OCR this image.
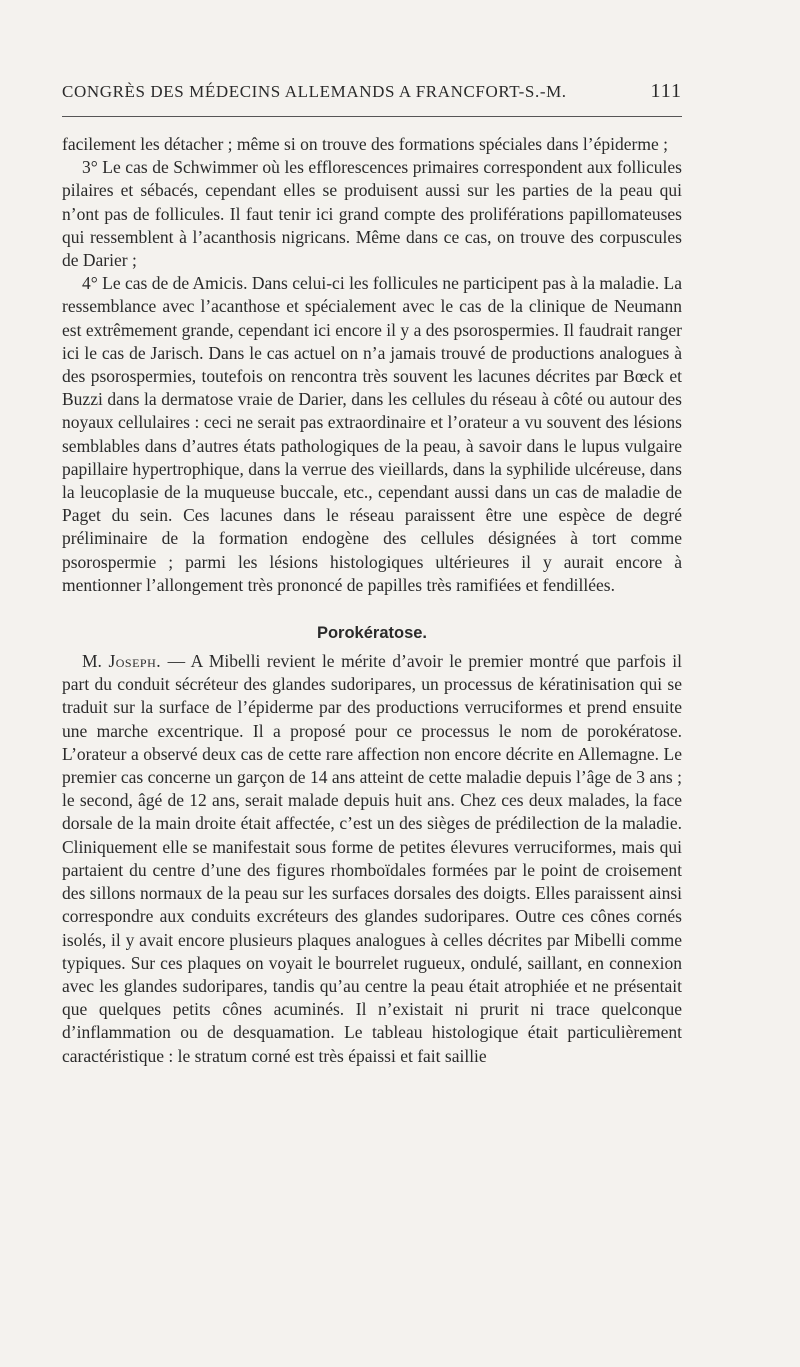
CONGRÈS DES MÉDECINS ALLEMANDS A FRANCFORT-S.-M.	111

facilement les détacher ; même si on trouve des formations spéciales dans l’épiderme ;

3° Le cas de Schwimmer où les efflorescences primaires correspondent aux follicules pilaires et sébacés, cependant elles se produisent aussi sur les parties de la peau qui n’ont pas de follicules. Il faut tenir ici grand compte des proliférations papillomateuses qui ressemblent à l’acanthosis nigricans. Même dans ce cas, on trouve des corpuscules de Darier ;

4° Le cas de de Amicis. Dans celui-ci les follicules ne participent pas à la maladie. La ressemblance avec l’acanthose et spécialement avec le cas de la clinique de Neumann est extrêmement grande, cependant ici encore il y a des psorospermies. Il faudrait ranger ici le cas de Jarisch. Dans le cas actuel on n’a jamais trouvé de productions analogues à des psorospermies, toutefois on rencontra très souvent les lacunes décrites par Bœck et Buzzi dans la dermatose vraie de Darier, dans les cellules du réseau à côté ou autour des noyaux cellulaires : ceci ne serait pas extraordinaire et l’orateur a vu souvent des lésions semblables dans d’autres états pathologiques de la peau, à savoir dans le lupus vulgaire papillaire hypertrophique, dans la verrue des vieillards, dans la syphilide ulcéreuse, dans la leucoplasie de la muqueuse buccale, etc., cependant aussi dans un cas de maladie de Paget du sein. Ces lacunes dans le réseau paraissent être une espèce de degré préliminaire de la formation endogène des cellules désignées à tort comme psorospermie ; parmi les lésions histologiques ultérieures il y aurait encore à mentionner l’allongement très prononcé de papilles très ramifiées et fendillées.

Porokératose.

M. Joseph. — A Mibelli revient le mérite d’avoir le premier montré que parfois il part du conduit sécréteur des glandes sudoripares, un processus de kératinisation qui se traduit sur la surface de l’épiderme par des productions verruciformes et prend ensuite une marche excentrique. Il a proposé pour ce processus le nom de porokératose. L’orateur a observé deux cas de cette rare affection non encore décrite en Allemagne. Le premier cas concerne un garçon de 14 ans atteint de cette maladie depuis l’âge de 3 ans ; le second, âgé de 12 ans, serait malade depuis huit ans. Chez ces deux malades, la face dorsale de la main droite était affectée, c’est un des sièges de prédilection de la maladie. Cliniquement elle se manifestait sous forme de petites élevures verruciformes, mais qui partaient du centre d’une des figures rhomboïdales formées par le point de croisement des sillons normaux de la peau sur les surfaces dorsales des doigts. Elles paraissent ainsi correspondre aux conduits excréteurs des glandes sudoripares. Outre ces cônes cornés isolés, il y avait encore plusieurs plaques analogues à celles décrites par Mibelli comme typiques. Sur ces plaques on voyait le bourrelet rugueux, ondulé, saillant, en connexion avec les glandes sudoripares, tandis qu’au centre la peau était atrophiée et ne présentait que quelques petits cônes acuminés. Il n’existait ni prurit ni trace quelconque d’inflammation ou de desquamation. Le tableau histologique était particulièrement caractéristique : le stratum corné est très épaissi et fait saillie
